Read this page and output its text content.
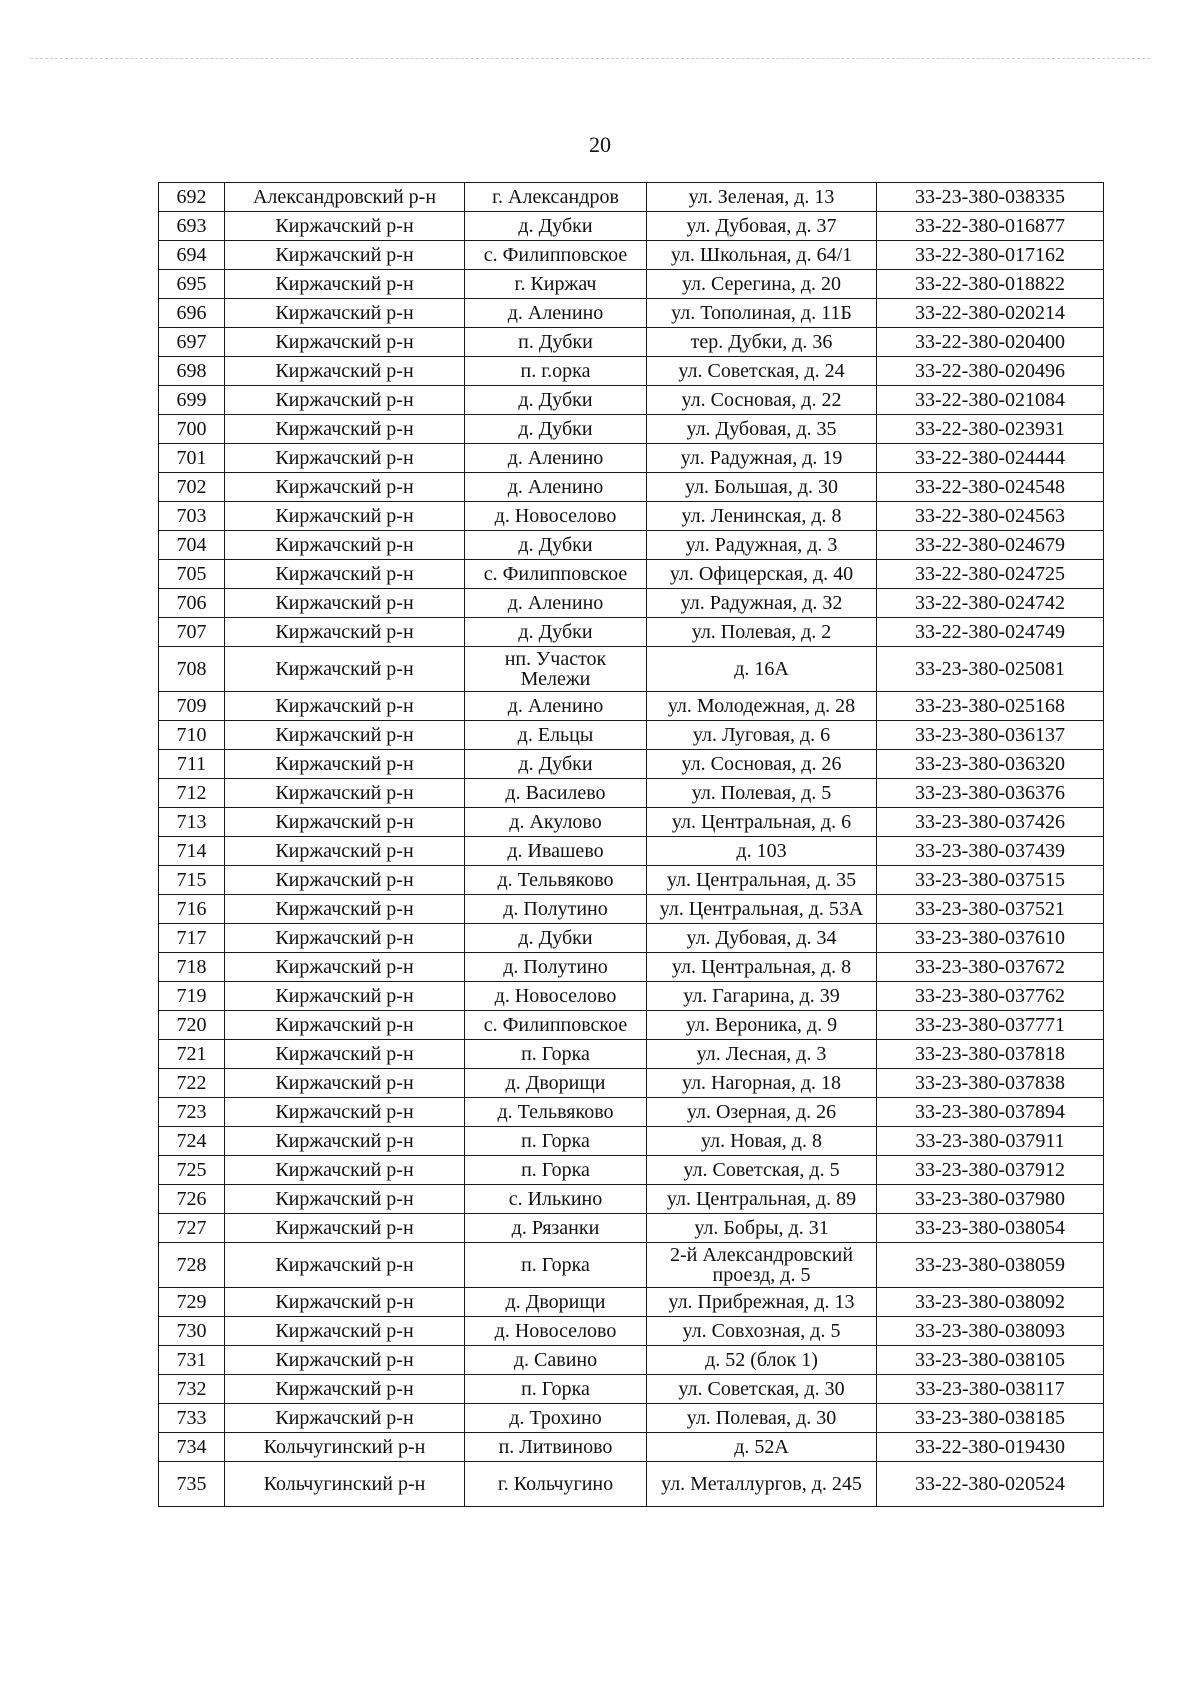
20
692	Александровский р-н	г. Александров	ул. Зеленая, д. 13	33-23-380-038335
693	Киржачский р-н	д. Дубки	ул. Дубовая, д. 37	33-22-380-016877
694	Киржачский р-н	с. Филипповское	ул. Школьная, д. 64/1	33-22-380-017162
695	Киржачский р-н	г. Киржач	ул. Серегина, д. 20	33-22-380-018822
696	Киржачский р-н	д. Аленино	ул. Тополиная, д. 11Б	33-22-380-020214
697	Киржачский р-н	п. Дубки	тер. Дубки, д. 36	33-22-380-020400
698	Киржачский р-н	п. г.орка	ул. Советская, д. 24	33-22-380-020496
699	Киржачский р-н	д. Дубки	ул. Сосновая, д. 22	33-22-380-021084
700	Киржачский р-н	д. Дубки	ул. Дубовая, д. 35	33-22-380-023931
701	Киржачский р-н	д. Аленино	ул. Радужная, д. 19	33-22-380-024444
702	Киржачский р-н	д. Аленино	ул. Большая, д. 30	33-22-380-024548
703	Киржачский р-н	д. Новоселово	ул. Ленинская, д. 8	33-22-380-024563
704	Киржачский р-н	д. Дубки	ул. Радужная, д. 3	33-22-380-024679
705	Киржачский р-н	с. Филипповское	ул. Офицерская, д. 40	33-22-380-024725
706	Киржачский р-н	д. Аленино	ул. Радужная, д. 32	33-22-380-024742
707	Киржачский р-н	д. Дубки	ул. Полевая, д. 2	33-22-380-024749
708	Киржачский р-н	нп. Участок Мележи	д. 16А	33-23-380-025081
709	Киржачский р-н	д. Аленино	ул. Молодежная, д. 28	33-23-380-025168
710	Киржачский р-н	д. Ельцы	ул. Луговая, д. 6	33-23-380-036137
711	Киржачский р-н	д. Дубки	ул. Сосновая, д. 26	33-23-380-036320
712	Киржачский р-н	д. Василево	ул. Полевая, д. 5	33-23-380-036376
713	Киржачский р-н	д. Акулово	ул. Центральная, д. 6	33-23-380-037426
714	Киржачский р-н	д. Ивашево	д. 103	33-23-380-037439
715	Киржачский р-н	д. Тельвяково	ул. Центральная, д. 35	33-23-380-037515
716	Киржачский р-н	д. Полутино	ул. Центральная, д. 53А	33-23-380-037521
717	Киржачский р-н	д. Дубки	ул. Дубовая, д. 34	33-23-380-037610
718	Киржачский р-н	д. Полутино	ул. Центральная, д. 8	33-23-380-037672
719	Киржачский р-н	д. Новоселово	ул. Гагарина, д. 39	33-23-380-037762
720	Киржачский р-н	с. Филипповское	ул. Вероника, д. 9	33-23-380-037771
721	Киржачский р-н	п. Горка	ул. Лесная, д. 3	33-23-380-037818
722	Киржачский р-н	д. Дворищи	ул. Нагорная, д. 18	33-23-380-037838
723	Киржачский р-н	д. Тельвяково	ул. Озерная, д. 26	33-23-380-037894
724	Киржачский р-н	п. Горка	ул. Новая, д. 8	33-23-380-037911
725	Киржачский р-н	п. Горка	ул. Советская, д. 5	33-23-380-037912
726	Киржачский р-н	с. Илькино	ул. Центральная, д. 89	33-23-380-037980
727	Киржачский р-н	д. Рязанки	ул. Бобры, д. 31	33-23-380-038054
728	Киржачский р-н	п. Горка	2-й Александровский проезд, д. 5	33-23-380-038059
729	Киржачский р-н	д. Дворищи	ул. Прибрежная, д. 13	33-23-380-038092
730	Киржачский р-н	д. Новоселово	ул. Совхозная, д. 5	33-23-380-038093
731	Киржачский р-н	д. Савино	д. 52 (блок 1)	33-23-380-038105
732	Киржачский р-н	п. Горка	ул. Советская, д. 30	33-23-380-038117
733	Киржачский р-н	д. Трохино	ул. Полевая, д. 30	33-23-380-038185
734	Кольчугинский р-н	п. Литвиново	д. 52А	33-22-380-019430
735	Кольчугинский р-н	г. Кольчугино	ул. Металлургов, д. 245	33-22-380-020524
